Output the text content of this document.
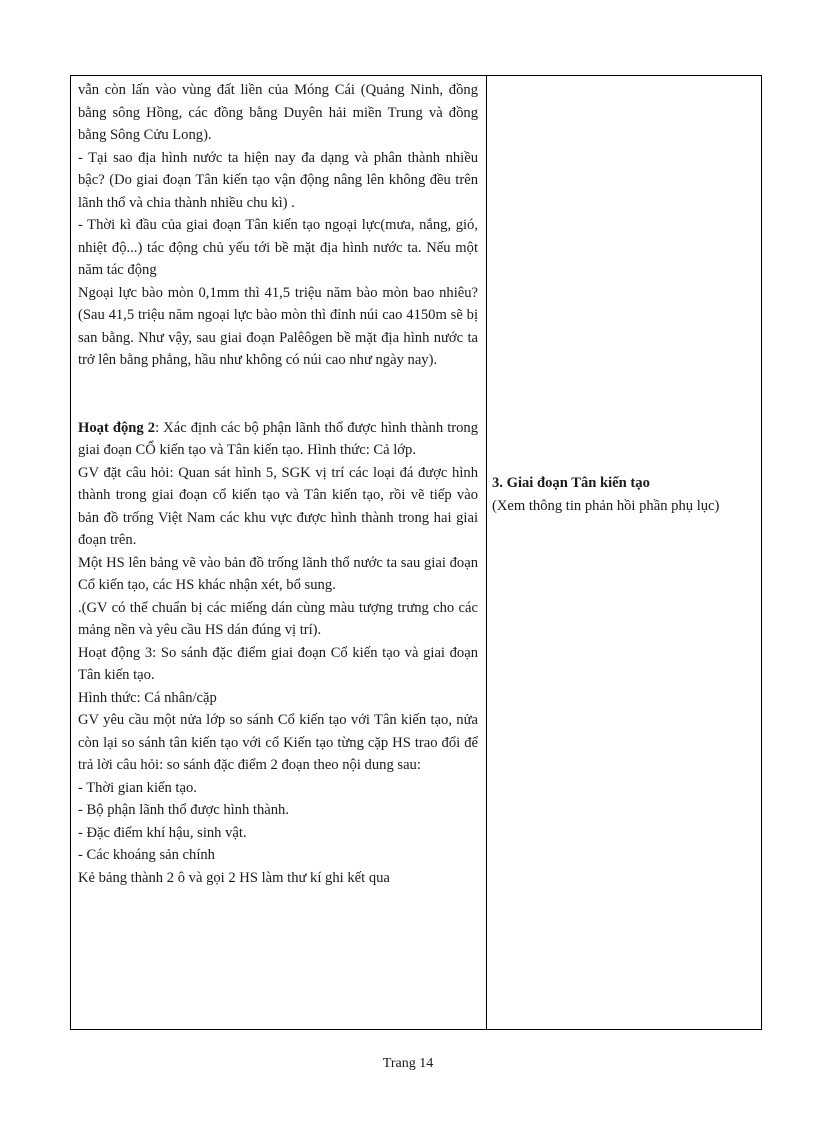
vẫn còn lấn vào vùng đất liền của Móng Cái (Quảng Ninh, đồng bằng sông Hồng, các đồng bằng Duyên hải miền Trung và đồng bằng Sông Cửu Long).

- Tại sao địa hình nước ta hiện nay đa dạng và phân thành nhiều bậc? (Do giai đoạn Tân kiến tạo vận động nâng lên không đều trên lãnh thổ và chia thành nhiều chu kì) .

- Thời kì đầu của giai đoạn Tân kiến tạo ngoại lực(mưa, nắng, gió, nhiệt độ...) tác động chủ yếu tới bề mặt địa hình nước ta. Nếu một năm tác động

Ngoại lực bào mòn 0,1mm thì 41,5 triệu năm bào mòn bao nhiêu? (Sau 41,5 triệu năm ngoại lực bào mòn thì đỉnh núi cao 4150m sẽ bị san bằng. Như vậy, sau giai đoạn Palêôgen bề mặt địa hình nước ta trở lên bằng phẳng, hầu như không có núi cao như ngày nay).

Hoạt động 2: Xác định các bộ phận lãnh thổ được hình thành trong giai đoạn CỔ kiến tạo và Tân kiến tạo. Hình thức: Cả lớp.

GV đặt câu hỏi: Quan sát hình 5, SGK vị trí các loại đá được hình thành trong giai đoạn cổ kiến tạo và Tân kiến tạo, rồi vẽ tiếp vào bản đồ trống Việt Nam các khu vực được hình thành trong hai giai đoạn trên.

Một HS lên bảng vẽ vào bản đồ trống lãnh thổ nước ta sau giai đoạn Cổ kiến tạo, các HS khác nhận xét, bổ sung.

.(GV có thể chuẩn bị các miếng dán cùng màu tượng trưng cho các mảng nền và yêu cầu HS dán đúng vị trí).

Hoạt động 3: So sánh đặc điểm giai đoạn Cổ kiến tạo và giai đoạn Tân kiến tạo.

Hình thức: Cá nhân/cặp

GV yêu cầu một nửa lớp so sánh Cổ kiến tạo với Tân kiến tạo, nửa còn lại so sánh tân kiến tạo với cổ Kiến tạo từng cặp HS trao đổi để trả lời câu hỏi: so sánh đặc điểm 2 đoạn theo nội dung sau:

- Thời gian kiến tạo.

- Bộ phận lãnh thổ được hình thành.

- Đặc điểm khí hậu, sinh vật.

- Các khoáng sản chính

Kẻ bảng thành 2 ô và gọi 2 HS làm thư kí ghi kết qua

3. Giai đoạn Tân kiến tạo

(Xem thông tin phản hồi phần phụ lục)

Trang 14
